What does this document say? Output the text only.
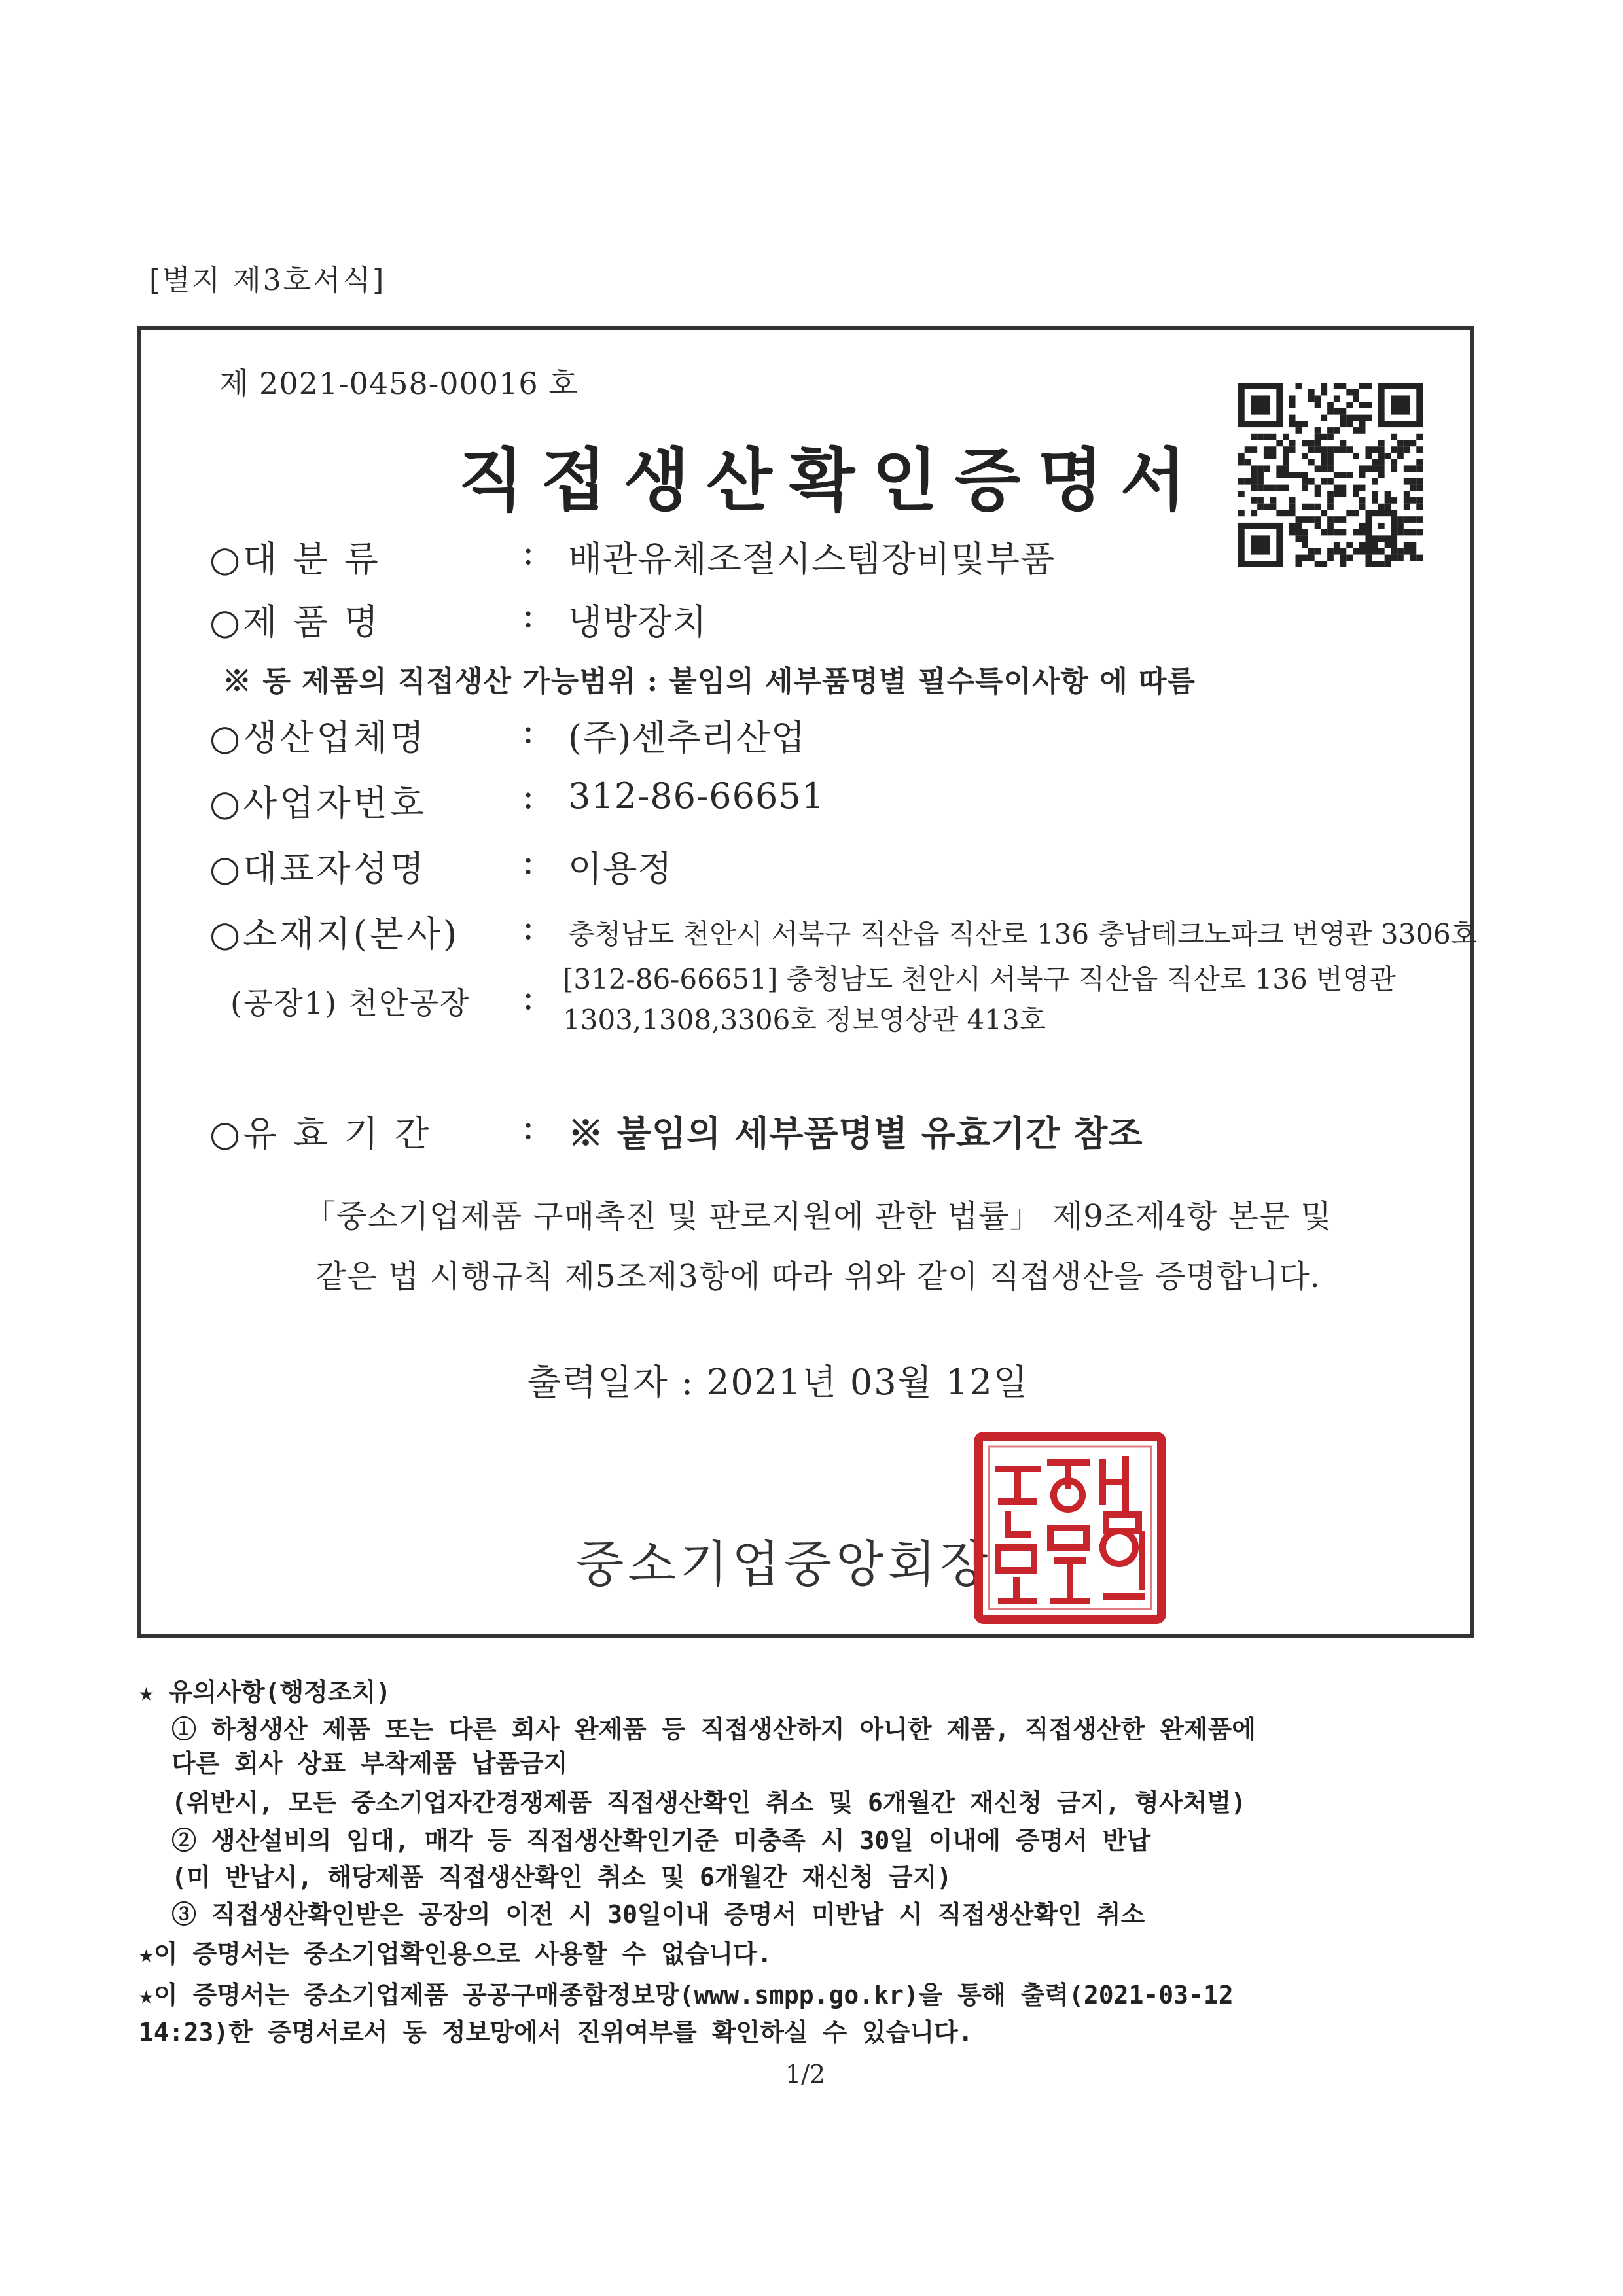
[별지 제3호서식]
제 2021-0458-00016 호
직접생산확인증명서
○대 분 류	: 배관유체조절시스템장비및부품
○제 품 명	: 냉방장치
※ 동 제품의 직접생산 가능범위 : 붙임의 세부품명별 필수특이사항 에 따름
○생산업체명	: (주)센추리산업
○사업자번호	: 312-86-66651
○대표자성명	: 이용정
○소재지(본사) : 충청남도 천안시 서북구 직산읍 직산로 136 충남테크노파크 번영관 3306호
(공장1) 천안공장 : [312-86-66651] 충청남도 천안시 서북구 직산읍 직산로 136 번영관 1303,1308,3306호 정보영상관 413호
○유 효 기 간	: ※ 붙임의 세부품명별 유효기간 참조
「중소기업제품 구매촉진 및 판로지원에 관한 법률」 제9조제4항 본문 및
같은 법 시행규칙 제5조제3항에 따라 위와 같이 직접생산을 증명합니다.
출력일자 : 2021년 03월 12일
중소기업중앙회장
★ 유의사항(행정조치)
① 하청생산 제품 또는 다른 회사 완제품 등 직접생산하지 아니한 제품, 직접생산한 완제품에
다른 회사 상표 부착제품 납품금지
(위반시, 모든 중소기업자간경쟁제품 직접생산확인 취소 및 6개월간 재신청 금지, 형사처벌)
② 생산설비의 임대, 매각 등 직접생산확인기준 미충족 시 30일 이내에 증명서 반납
(미 반납시, 해당제품 직접생산확인 취소 및 6개월간 재신청 금지)
③ 직접생산확인받은 공장의 이전 시 30일이내 증명서 미반납 시 직접생산확인 취소
★이 증명서는 중소기업확인용으로 사용할 수 없습니다.
★이 증명서는 중소기업제품 공공구매종합정보망(www.smpp.go.kr)을 통해 출력(2021-03-12
14:23)한 증명서로서 동 정보망에서 진위여부를 확인하실 수 있습니다.
1/2
